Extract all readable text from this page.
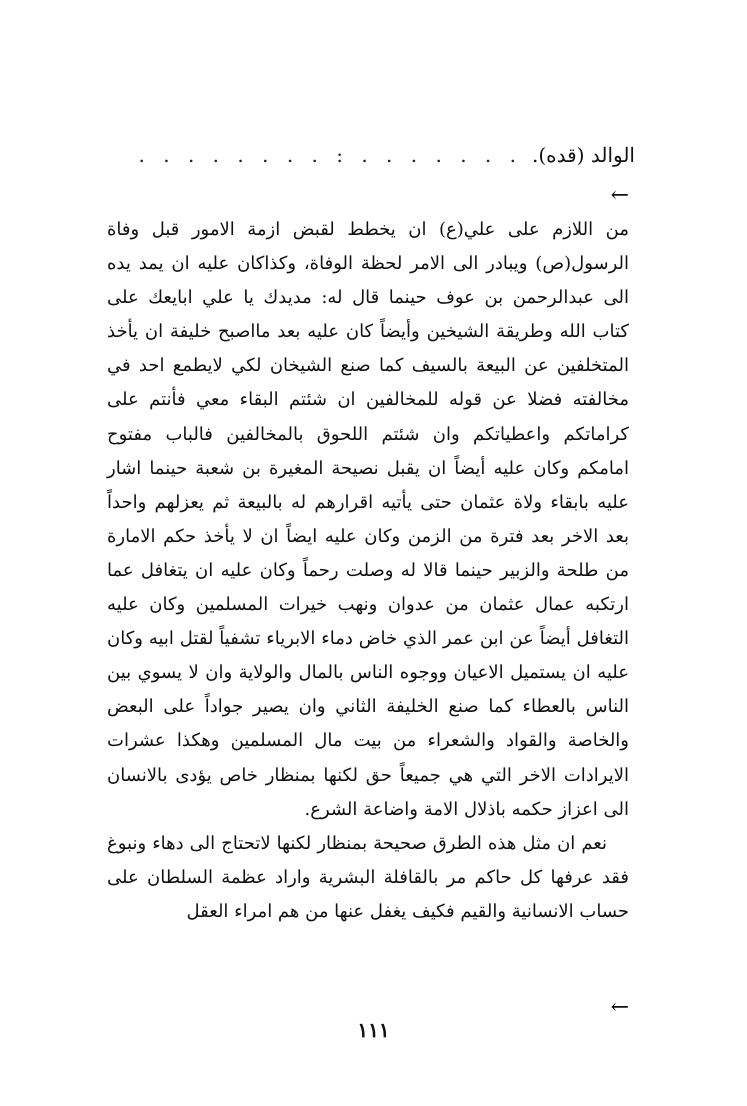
الوالد (قده).
. . . . . . . . : . . . . . . .
←

من اللازم على علي(ع) ان يخطط لقبض ازمة الامور قبل وفاة الرسول(ص) ويبادر الى الامر لحظة الوفاة، وكذاكان عليه ان يمد يده الى عبدالرحمن بن عوف حينما قال له: مديدك يا علي ابايعك على كتاب الله وطريقة الشيخين وأيضاً كان عليه بعد مااصبح خليفة ان يأخذ المتخلفين عن البيعة بالسيف كما صنع الشيخان لكي لايطمع احد في مخالفته فضلا عن قوله للمخالفين ان شئتم البقاء معي فأنتم على كراماتكم واعطياتكم وان شئتم اللحوق بالمخالفين فالباب مفتوح امامكم وكان عليه أيضاً ان يقبل نصيحة المغيرة بن شعبة حينما اشار عليه بابقاء ولاة عثمان حتى يأتيه اقرارهم له بالبيعة ثم يعزلهم واحداً بعد الاخر بعد فترة من الزمن وكان عليه ايضاً ان لا يأخذ حكم الامارة من طلحة والزبير حينما قالا له وصلت رحماً وكان عليه ان يتغافل عما ارتكبه عمال عثمان من عدوان ونهب خيرات المسلمين وكان عليه التغافل أيضاً عن ابن عمر الذي خاض دماء الابرياء تشفياً لقتل ابيه وكان عليه ان يستميل الاعيان ووجوه الناس بالمال والولاية وان لا يسوي بين الناس بالعطاء كما صنع الخليفة الثاني وان يصير جواداً على البعض والخاصة والقواد والشعراء من بيت مال المسلمين وهكذا عشرات الايرادات الاخر التي هي جميعاً حق لكنها بمنظار خاص يؤدى بالانسان الى اعزاز حكمه باذلال الامة واضاعة الشرع.

نعم ان مثل هذه الطرق صحيحة بمنظار لكنها لاتحتاج الى دهاء ونبوغ فقد عرفها كل حاكم مر بالقافلة البشرية واراد عظمة السلطان على حساب الانسانية والقيم فكيف يغفل عنها من هم امراء العقل

←
١١١
